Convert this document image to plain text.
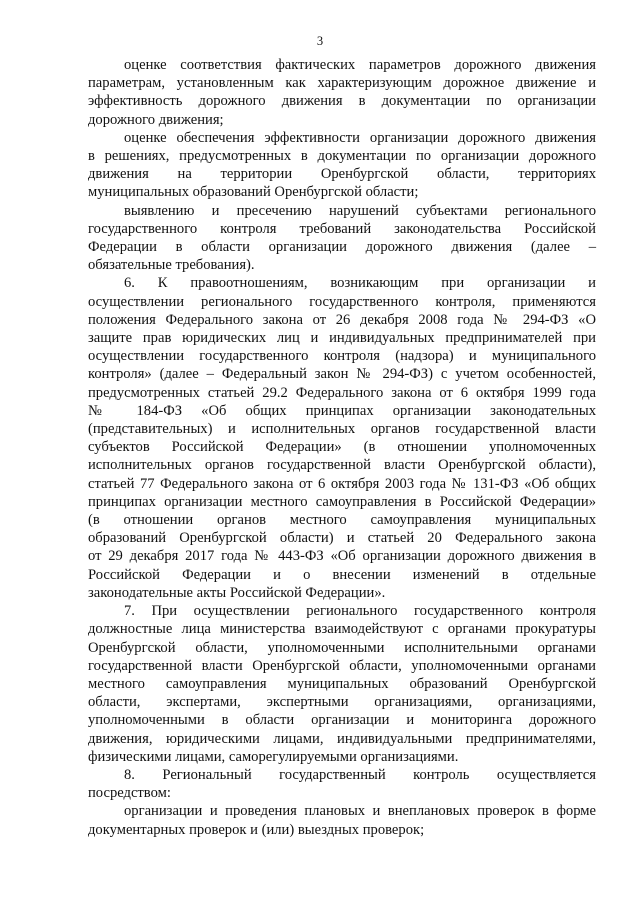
3
оценке соответствия фактических параметров дорожного движения
параметрам, установленным как характеризующим дорожное движение и
эффективность дорожного движения в документации по организации
дорожного движения;
оценке обеспечения эффективности организации дорожного движения
в решениях, предусмотренных в документации по организации дорожного
движения на территории Оренбургской области, территориях
муниципальных образований Оренбургской области;
выявлению и пресечению нарушений субъектами регионального
государственного контроля требований законодательства Российской
Федерации в области организации дорожного движения (далее –
обязательные требования).
6. К правоотношениям, возникающим при организации и
осуществлении регионального государственного контроля, применяются
положения Федерального закона от 26 декабря 2008 года № 294-ФЗ «О
защите прав юридических лиц и индивидуальных предпринимателей при
осуществлении государственного контроля (надзора) и муниципального
контроля» (далее – Федеральный закон № 294-ФЗ) с учетом особенностей,
предусмотренных статьей 29.2 Федерального закона от 6 октября 1999 года
№ 184-ФЗ «Об общих принципах организации законодательных
(представительных) и исполнительных органов государственной власти
субъектов Российской Федерации» (в отношении уполномоченных
исполнительных органов государственной власти Оренбургской области),
статьей 77 Федерального закона от 6 октября 2003 года № 131-ФЗ «Об общих
принципах организации местного самоуправления в Российской Федерации»
(в отношении органов местного самоуправления муниципальных
образований Оренбургской области) и статьей 20 Федерального закона
от 29 декабря 2017 года № 443-ФЗ «Об организации дорожного движения в
Российской Федерации и о внесении изменений в отдельные
законодательные акты Российской Федерации».
7. При осуществлении регионального государственного контроля
должностные лица министерства взаимодействуют с органами прокуратуры
Оренбургской области, уполномоченными исполнительными органами
государственной власти Оренбургской области, уполномоченными органами
местного самоуправления муниципальных образований Оренбургской
области, экспертами, экспертными организациями, организациями,
уполномоченными в области организации и мониторинга дорожного
движения, юридическими лицами, индивидуальными предпринимателями,
физическими лицами, саморегулируемыми организациями.
8. Региональный государственный контроль осуществляется
посредством:
организации и проведения плановых и внеплановых проверок в форме
документарных проверок и (или) выездных проверок;
